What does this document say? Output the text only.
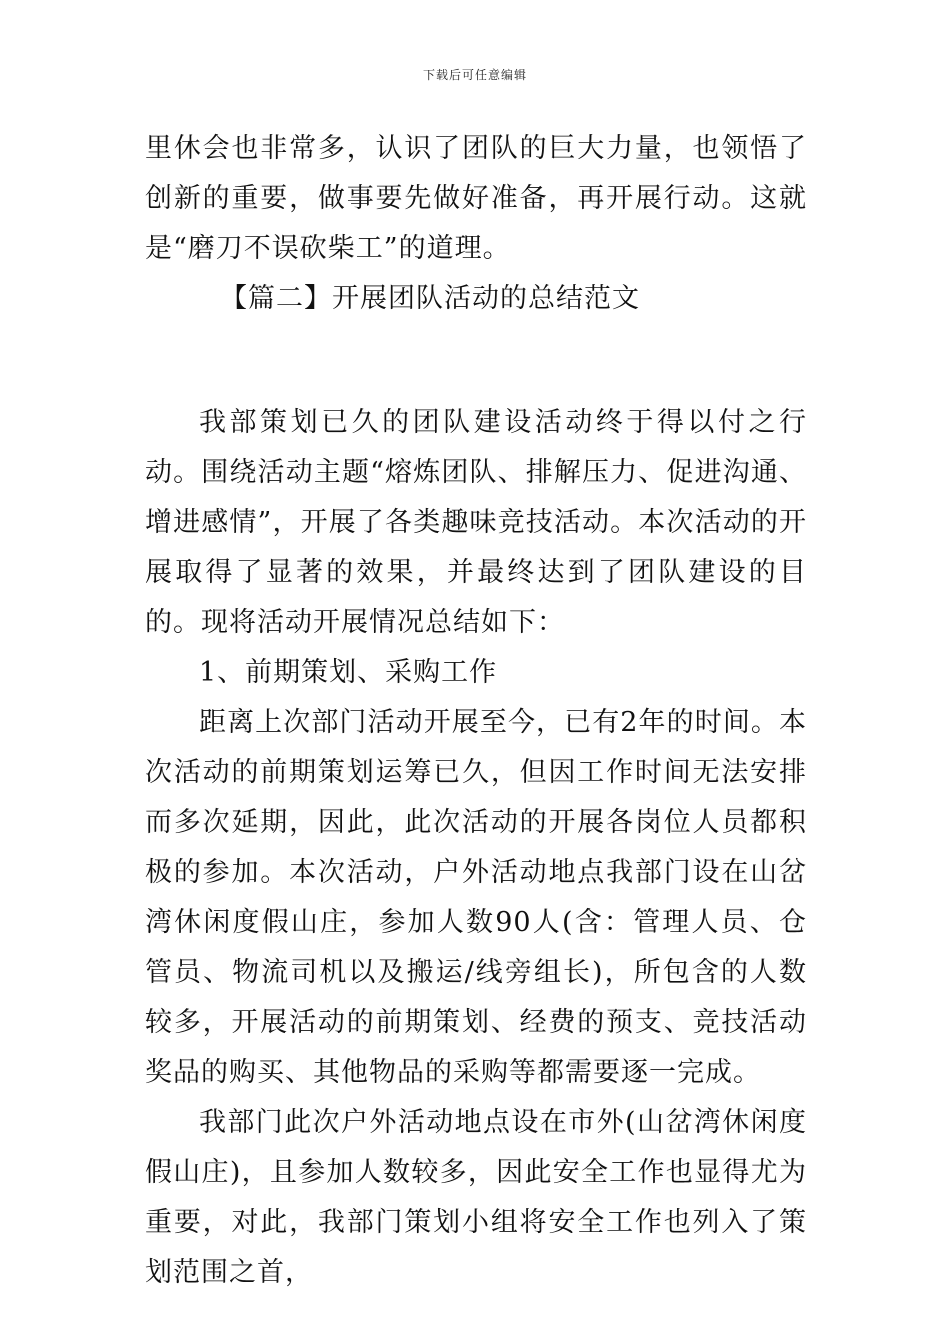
下载后可任意编辑

里休会也非常多，认识了团队的巨大力量，也领悟了创新的重要，做事要先做好准备，再开展行动。这就是“磨刀不误砍柴工”的道理。

【篇二】开展团队活动的总结范文

我部策划已久的团队建设活动终于得以付之行动。围绕活动主题“熔炼团队、排解压力、促进沟通、增进感情”，开展了各类趣味竞技活动。本次活动的开展取得了显著的效果，并最终达到了团队建设的目的。现将活动开展情况总结如下：

1、前期策划、采购工作

距离上次部门活动开展至今，已有2年的时间。本次活动的前期策划运筹已久，但因工作时间无法安排而多次延期，因此，此次活动的开展各岗位人员都积极的参加。本次活动，户外活动地点我部门设在山岔湾休闲度假山庄，参加人数90人(含：管理人员、仓管员、物流司机以及搬运/线旁组长)，所包含的人数较多，开展活动的前期策划、经费的预支、竞技活动奖品的购买、其他物品的采购等都需要逐一完成。

我部门此次户外活动地点设在市外(山岔湾休闲度假山庄)，且参加人数较多，因此安全工作也显得尤为重要，对此，我部门策划小组将安全工作也列入了策划范围之首，
